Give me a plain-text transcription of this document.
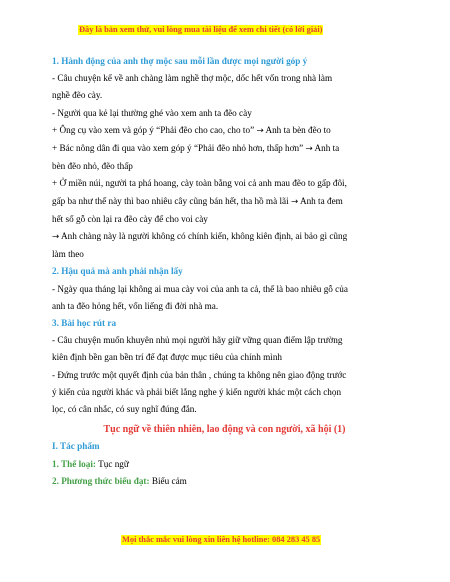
Đây là bản xem thử, vui lòng mua tài liệu để xem chi tiết (có lời giải)
1. Hành động của anh thợ mộc sau mỗi lần được mọi người góp ý
- Câu chuyện kể về anh chàng làm nghề thợ mộc, dốc hết vốn trong nhà làm
nghề đẽo cày.
- Người qua kẻ lại thường ghé vào xem anh ta đẽo cày
+ Ông cụ vào xem và góp ý “Phải đẽo cho cao, cho to” → Anh ta bèn đẽo to
+ Bác nông dân đi qua vào xem góp ý “Phải đẽo nhỏ hơn, thấp hơn” → Anh ta
bèn đẽo nhỏ, đẽo thấp
+ Ở miền núi, người ta phá hoang, cày toàn bằng voi cả anh mau đẽo to gấp đôi,
gấp ba như thế này thì bao nhiêu cây cũng bán hết, tha hồ mà lãi → Anh ta đem
hết số gỗ còn lại ra đẽo cày để cho voi cày
→ Anh chàng này là người không có chính kiến, không kiên định, ai bảo gì cũng
làm theo
2. Hậu quả mà anh phải nhận lấy
- Ngày qua tháng lại không ai mua cày voi của anh ta cả, thế là bao nhiêu gỗ của
anh ta đẽo hỏng hết, vốn liếng đi đời nhà ma.
3. Bài học rút ra
- Câu chuyện muốn khuyên nhủ mọi người hãy giữ vững quan điểm lập trường
kiên định bền gan bền trí để đạt được mục tiêu của chính mình
- Đứng trước một quyết định của bản thân , chúng ta không nên giao động trước
ý kiến của người khác và phải biết lắng nghe ý kiến người khác một cách chọn
lọc, có cân nhắc, có suy nghĩ đúng đắn.
Tục ngữ về thiên nhiên, lao động và con người, xã hội (1)
I. Tác phẩm
1. Thể loại: Tục ngữ
2. Phương thức biểu đạt: Biểu cảm
Mọi thắc mắc vui lòng xin liên hệ hotline: 084 283 45 85
